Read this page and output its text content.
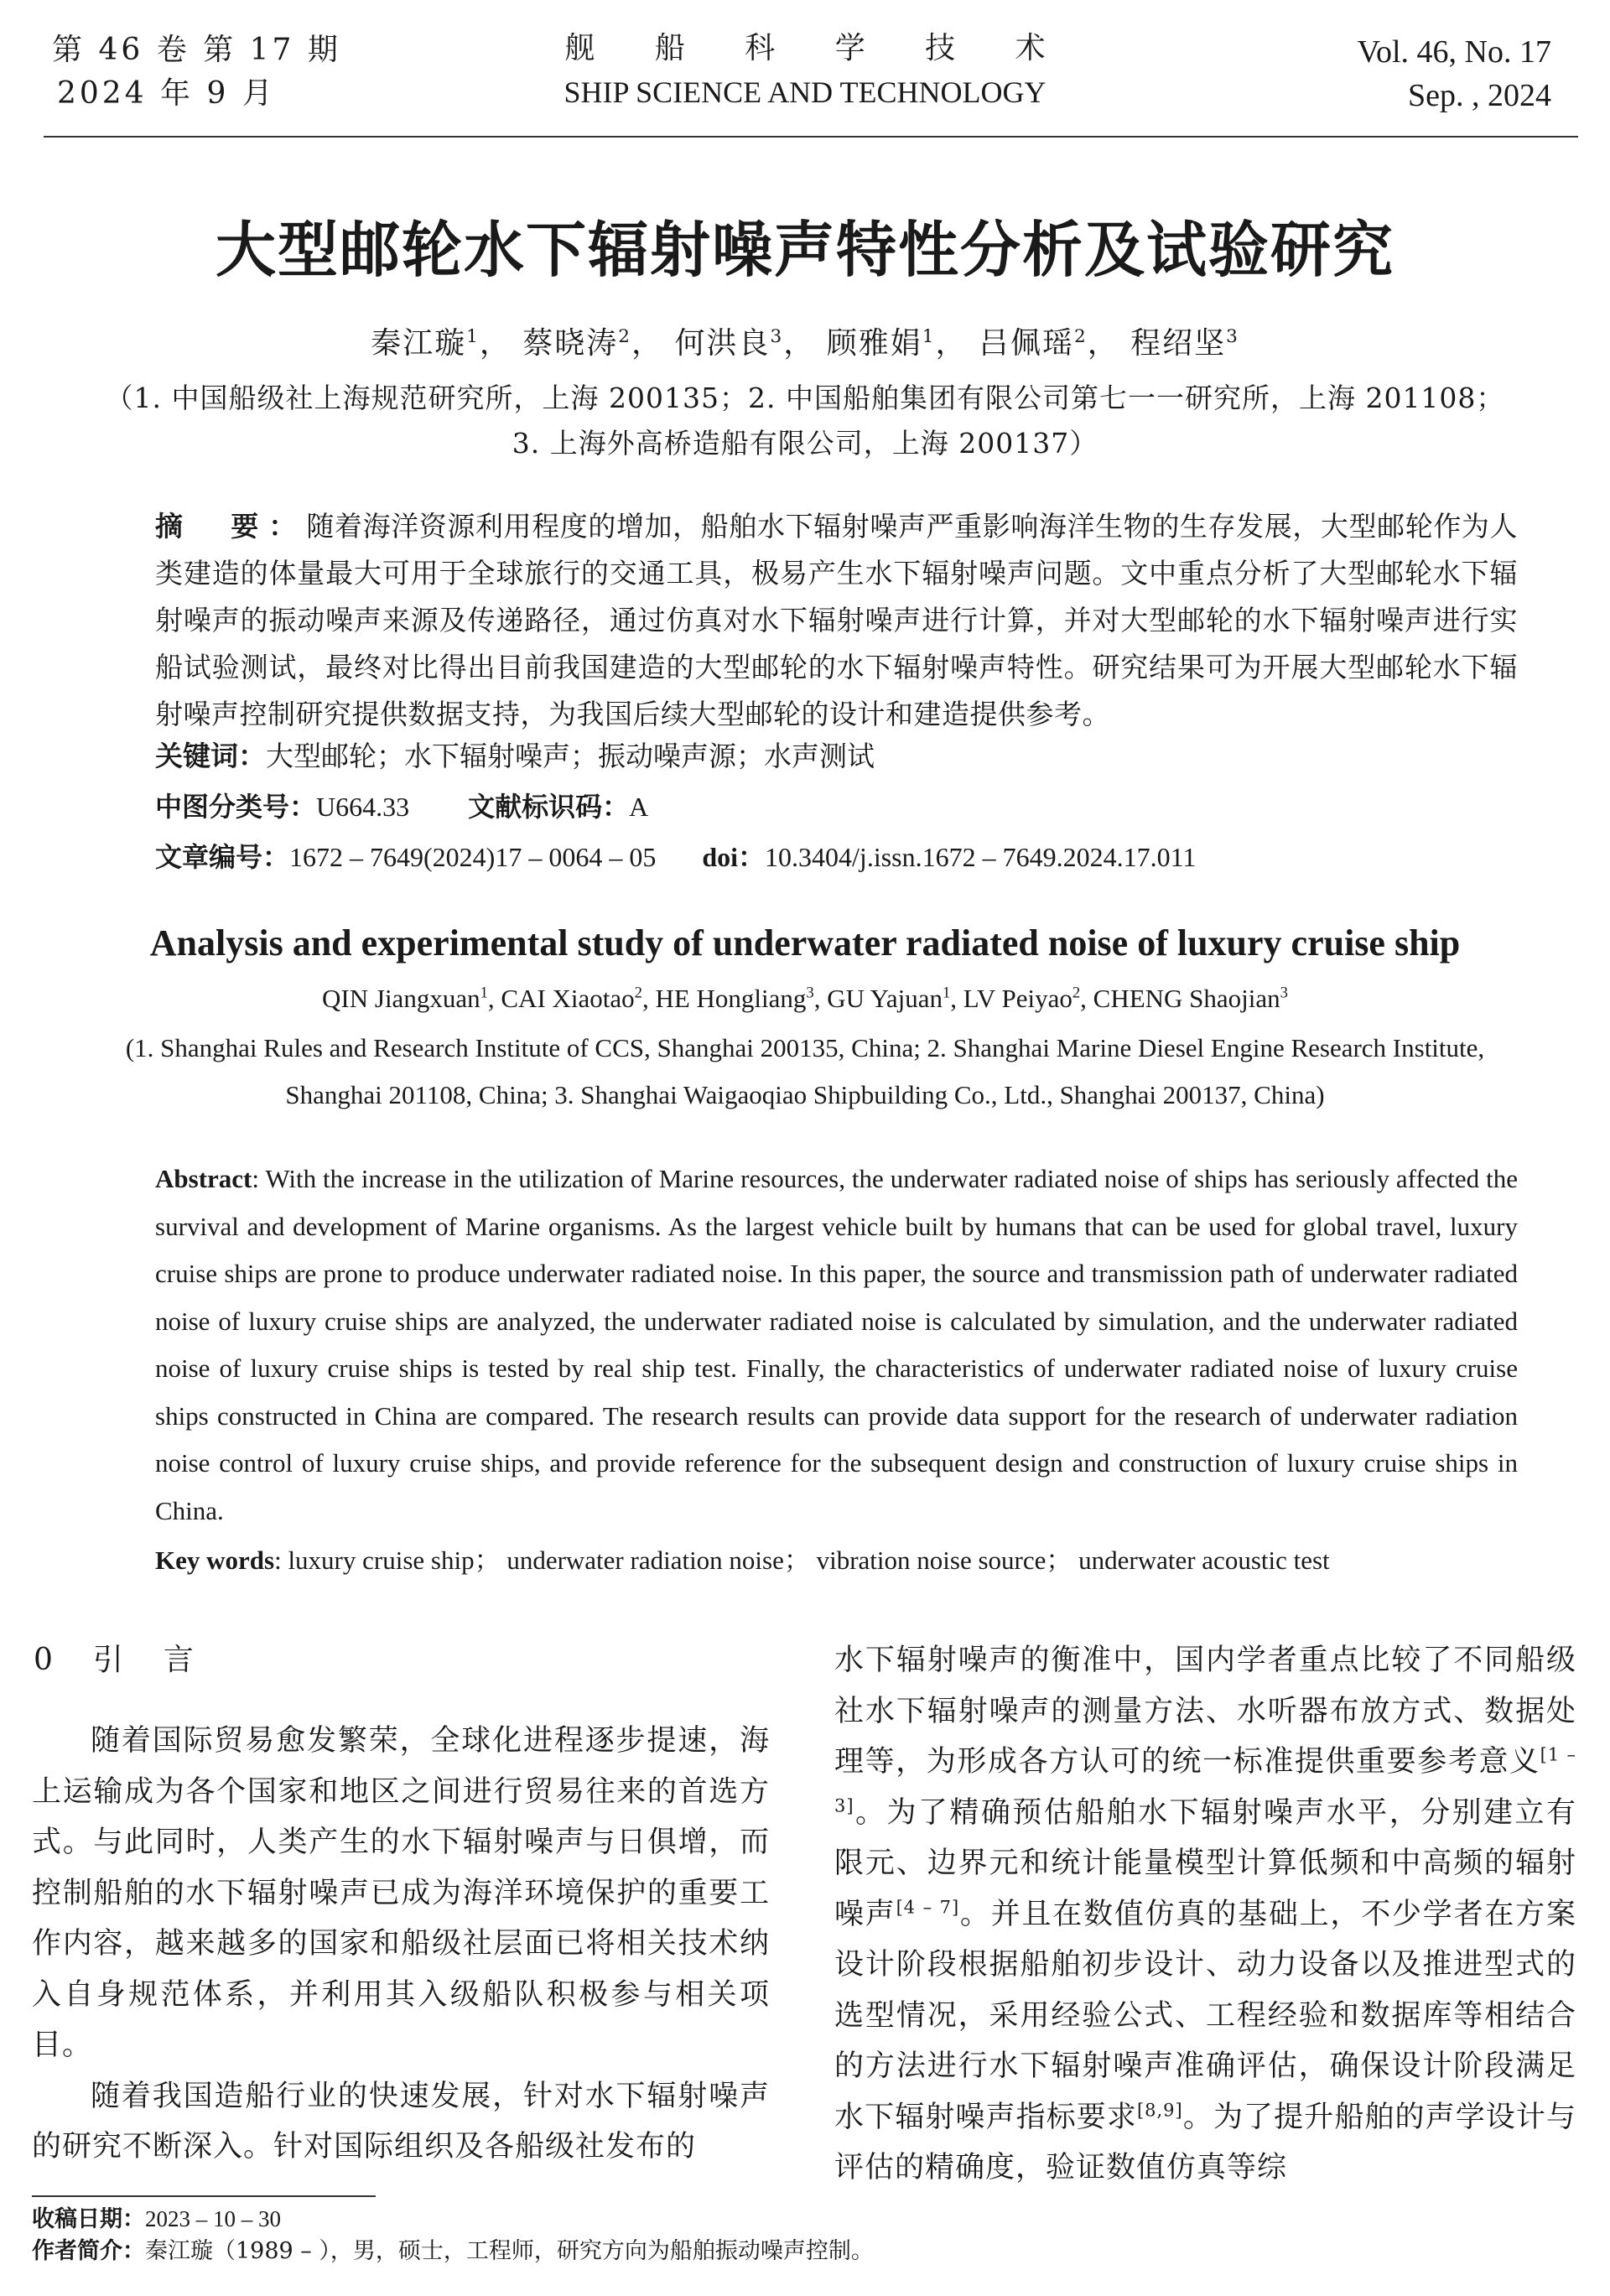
第 46 卷 第 17 期
2024 年 9 月
舰 船 科 学 技 术
SHIP SCIENCE AND TECHNOLOGY
Vol. 46, No. 17
Sep. , 2024
大型邮轮水下辐射噪声特性分析及试验研究
秦江璇$^1$， 蔡晓涛$^2$， 何洪良$^3$， 顾雅娟$^1$， 吕佩瑶$^2$， 程绍坚$^3$
（1. 中国船级社上海规范研究所，上海 200135；2. 中国船舶集团有限公司第七一一研究所，上海 201108；
3. 上海外高桥造船有限公司，上海 200137）
摘　要：随着海洋资源利用程度的增加，船舶水下辐射噪声严重影响海洋生物的生存发展，大型邮轮作为人类建造的体量最大可用于全球旅行的交通工具，极易产生水下辐射噪声问题。文中重点分析了大型邮轮水下辐射噪声的振动噪声来源及传递路径，通过仿真对水下辐射噪声进行计算，并对大型邮轮的水下辐射噪声进行实船试验测试，最终对比得出目前我国建造的大型邮轮的水下辐射噪声特性。研究结果可为开展大型邮轮水下辐射噪声控制研究提供数据支持，为我国后续大型邮轮的设计和建造提供参考。
关键词：大型邮轮；水下辐射噪声；振动噪声源；水声测试
中图分类号：U664.33 文献标识码：A
文章编号：1672 – 7649(2024)17 – 0064 – 05 doi：10.3404/j.issn.1672 – 7649.2024.17.011
Analysis and experimental study of underwater radiated noise of luxury cruise ship
QIN Jiangxuan$^1$, CAI Xiaotao$^2$, HE Hongliang$^3$, GU Yajuan$^1$, LV Peiyao$^2$, CHENG Shaojian$^3$
(1. Shanghai Rules and Research Institute of CCS, Shanghai 200135, China; 2. Shanghai Marine Diesel Engine Research Institute,
Shanghai 201108, China; 3. Shanghai Waigaoqiao Shipbuilding Co., Ltd., Shanghai 200137, China)
Abstract: With the increase in the utilization of Marine resources, the underwater radiated noise of ships has seriously affected the survival and development of Marine organisms. As the largest vehicle built by humans that can be used for global travel, luxury cruise ships are prone to produce underwater radiated noise. In this paper, the source and transmission path of underwater radiated noise of luxury cruise ships are analyzed, the underwater radiated noise is calculated by simulation, and the underwater radiated noise of luxury cruise ships is tested by real ship test. Finally, the characteristics of underwater radiated noise of luxury cruise ships constructed in China are compared. The research results can provide data support for the research of underwater radiation noise control of luxury cruise ships, and provide reference for the subsequent design and construction of luxury cruise ships in China.
Key words: luxury cruise ship； underwater radiation noise； vibration noise source； underwater acoustic test
0　引　言

随着国际贸易愈发繁荣，全球化进程逐步提速，海上运输成为各个国家和地区之间进行贸易往来的首选方式。与此同时，人类产生的水下辐射噪声与日俱增，而控制船舶的水下辐射噪声已成为海洋环境保护的重要工作内容，越来越多的国家和船级社层面已将相关技术纳入自身规范体系，并利用其入级船队积极参与相关项目。

随着我国造船行业的快速发展，针对水下辐射噪声的研究不断深入。针对国际组织及各船级社发布的

水下辐射噪声的衡准中，国内学者重点比较了不同船级社水下辐射噪声的测量方法、水听器布放方式、数据处理等，为形成各方认可的统一标准提供重要参考意义[1 – 3]。为了精确预估船舶水下辐射噪声水平，分别建立有限元、边界元和统计能量模型计算低频和中高频的辐射噪声[4 – 7]。并且在数值仿真的基础上，不少学者在方案设计阶段根据船舶初步设计、动力设备以及推进型式的选型情况，采用经验公式、工程经验和数据库等相结合的方法进行水下辐射噪声准确评估，确保设计阶段满足水下辐射噪声指标要求[8,9]。为了提升船舶的声学设计与评估的精确度，验证数值仿真等综

收稿日期：2023 – 10 – 30
作者简介：秦江璇（1989 – ），男，硕士，工程师，研究方向为船舶振动噪声控制。
